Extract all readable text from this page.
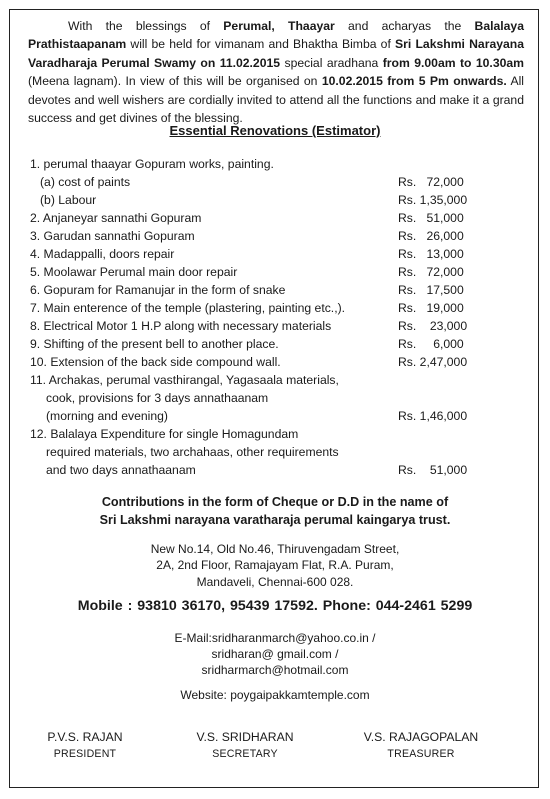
With the blessings of Perumal, Thaayar and acharyas the Balalaya Prathistaapanam will be held for vimanam and Bhaktha Bimba of Sri Lakshmi Narayana Varadharaja Perumal Swamy on 11.02.2015 special aradhana from 9.00am to 10.30am (Meena lagnam). In view of this will be organised on 10.02.2015 from 5 Pm onwards. All devotes and well wishers are cordially invited to attend all the functions and make it a grand success and get divines of the blessing.
Essential Renovations (Estimator)
1. perumal thaayar Gopuram works, painting.
(a) cost of paints	Rs.   72,000
(b) Labour	Rs. 1,35,000
2. Anjaneyar sannathi Gopuram	Rs.   51,000
3. Garudan sannathi Gopuram	Rs.   26,000
4. Madappalli, doors repair	Rs.   13,000
5. Moolawar Perumal main door repair	Rs.   72,000
6. Gopuram for Ramanujar in the form of snake	Rs.   17,500
7. Main enterence of the temple (plastering, painting etc.,).	Rs.   19,000
8. Electrical Motor 1 H.P along with necessary materials	Rs.    23,000
9. Shifting of the present bell to another place.	Rs.     6,000
10. Extension of the back side compound wall.	Rs. 2,47,000
11. Archakas, perumal vasthirangal, Yagasaala materials,
cook, provisions for 3 days annathaanam
(morning and evening)	Rs. 1,46,000
12. Balalaya Expenditure for single Homagundam
required materials, two archahaas, other requirements
and two days annathaanam	Rs.    51,000
Contributions in the form of Cheque or D.D in the name of
Sri Lakshmi narayana varatharaja perumal kaingarya trust.
New No.14, Old No.46, Thiruvengadam Street,
2A, 2nd Floor, Ramajayam Flat, R.A. Puram,
Mandaveli, Chennai-600 028.
Mobile : 93810 36170, 95439 17592. Phone: 044-2461 5299
E-Mail:sridharanmarch@yahoo.co.in /
sridharan@ gmail.com /
sridharmarch@hotmail.com
Website: poygaipakkamtemple.com
P.V.S. RAJAN
PRESIDENT
V.S. SRIDHARAN
SECRETARY
V.S. RAJAGOPALAN
TREASURER
